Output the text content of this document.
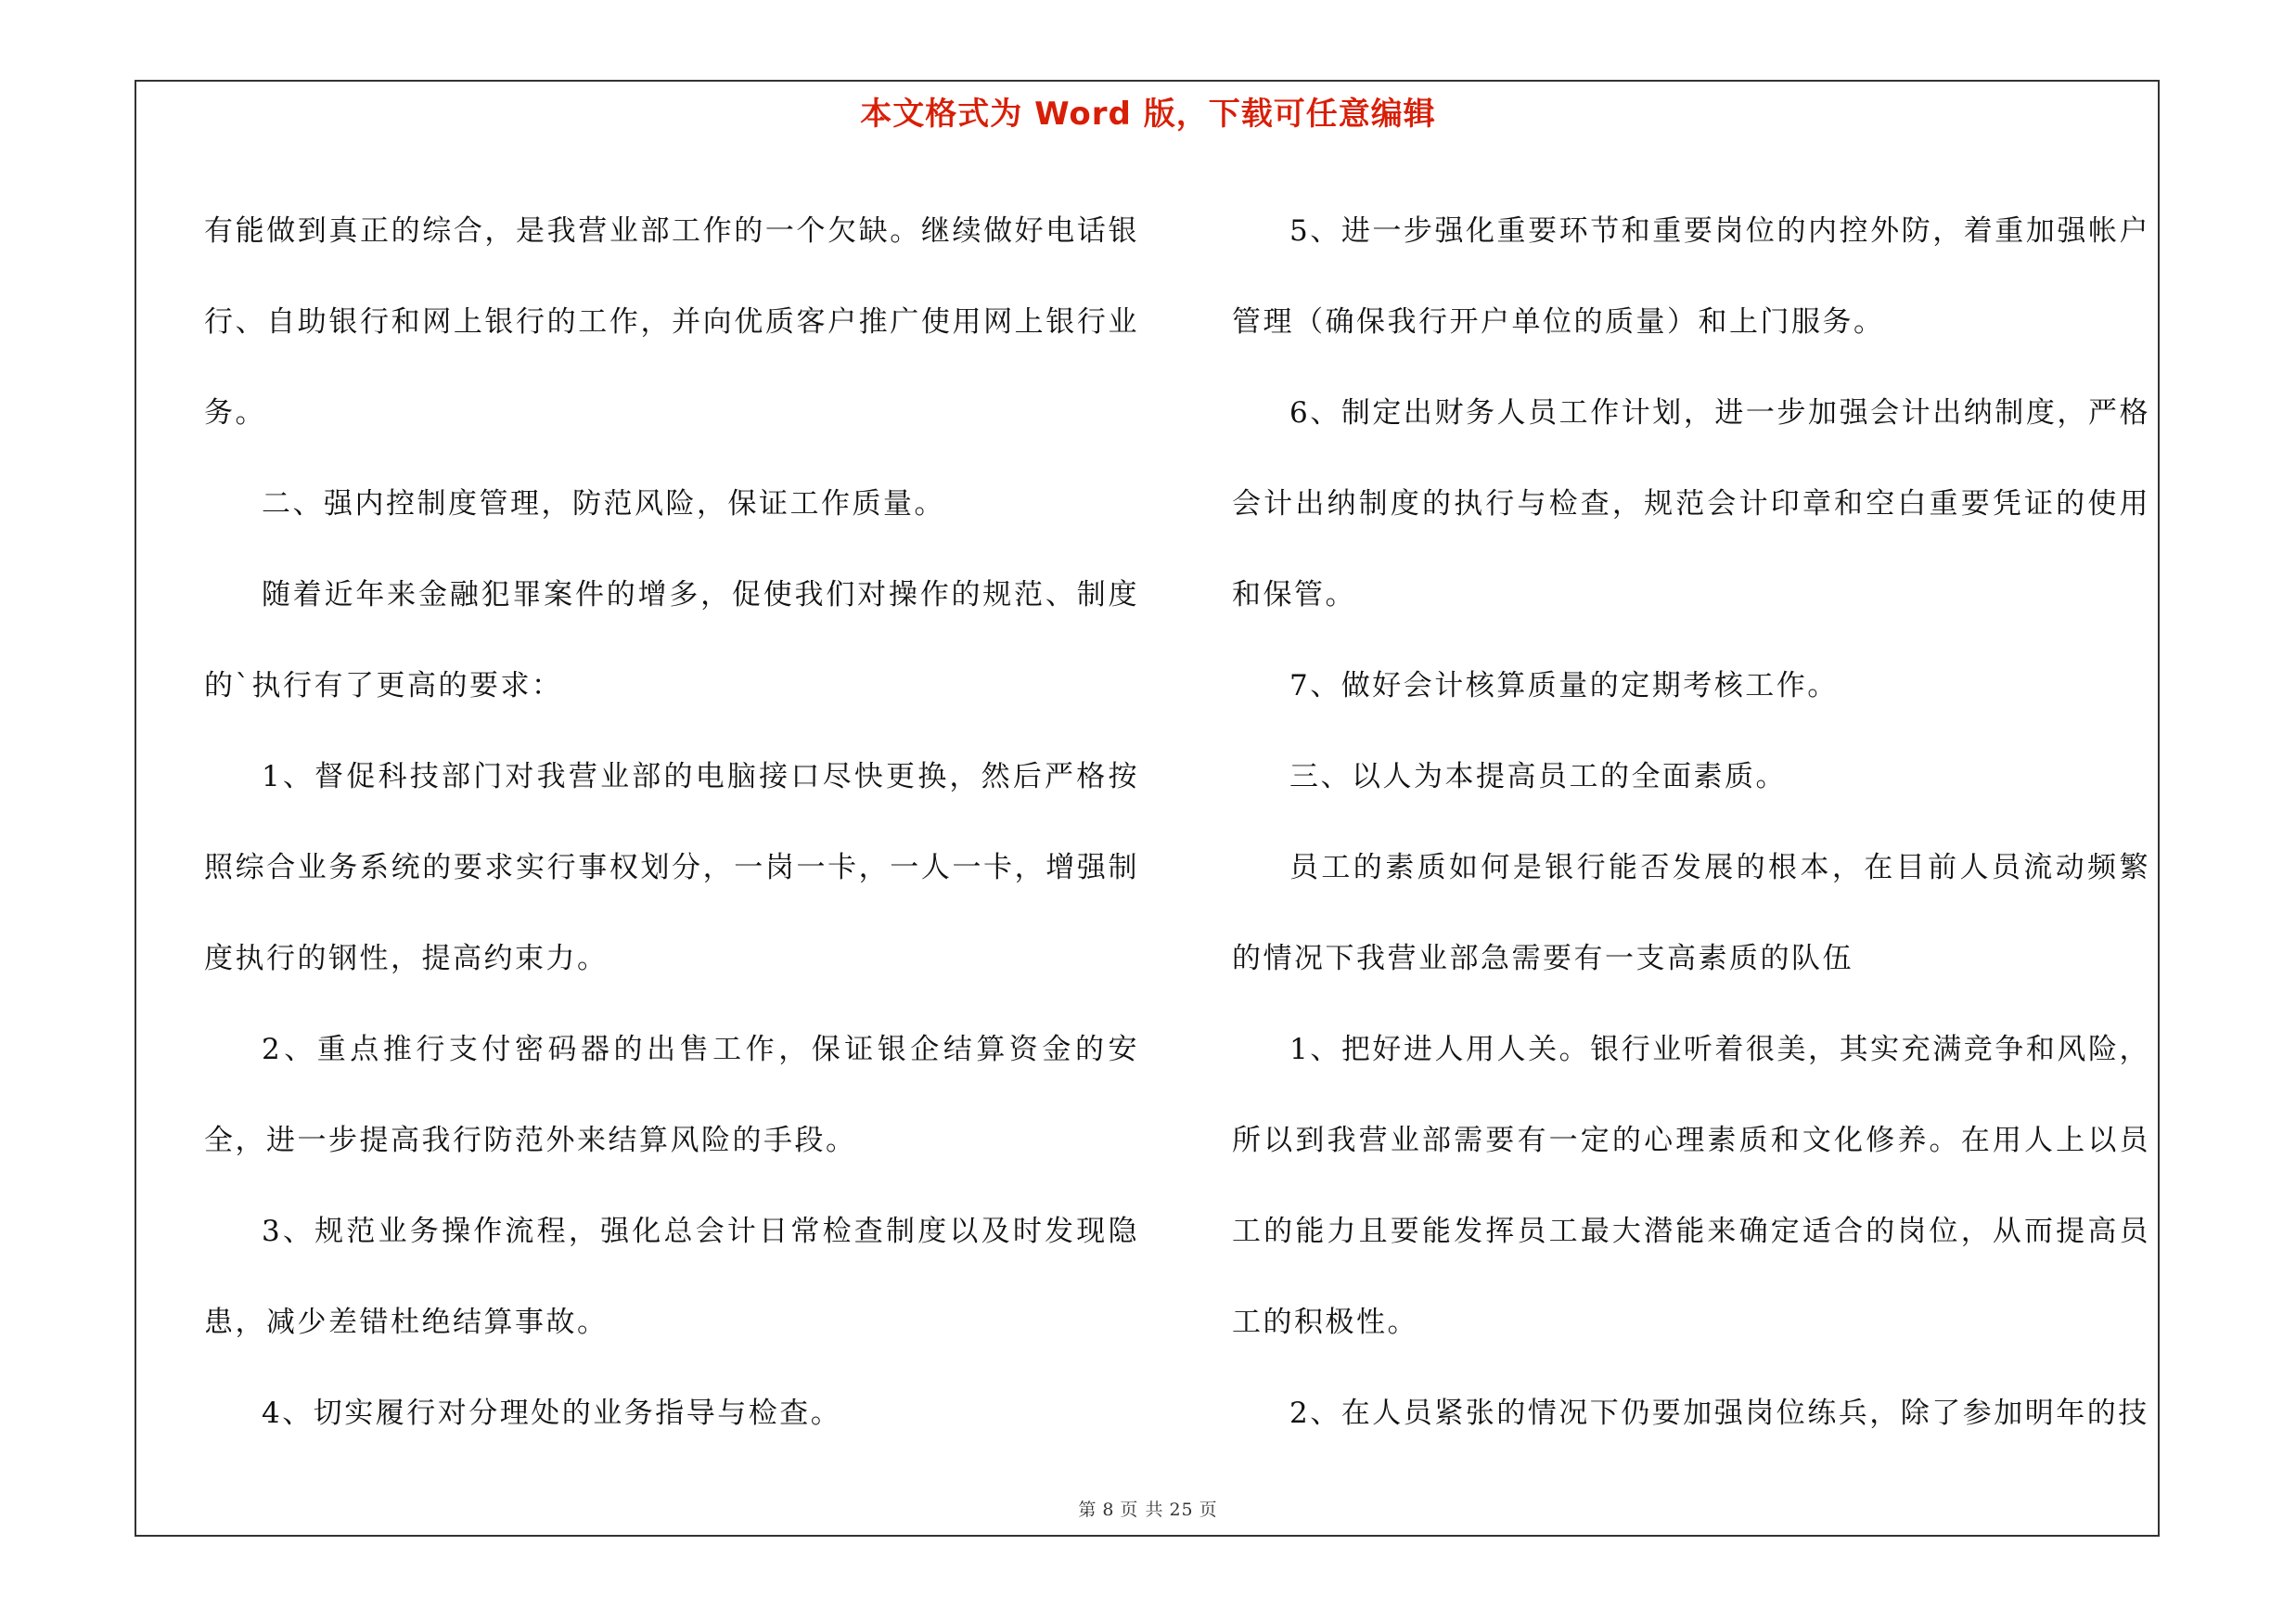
本文格式为 Word 版，下载可任意编辑

有能做到真正的综合，是我营业部工作的一个欠缺。继续做好电话银行、自助银行和网上银行的工作，并向优质客户推广使用网上银行业务。

二、强内控制度管理，防范风险，保证工作质量。

随着近年来金融犯罪案件的增多，促使我们对操作的规范、制度的`执行有了更高的要求：

1、督促科技部门对我营业部的电脑接口尽快更换，然后严格按照综合业务系统的要求实行事权划分，一岗一卡，一人一卡，增强制度执行的钢性，提高约束力。

2、重点推行支付密码器的出售工作，保证银企结算资金的安全，进一步提高我行防范外来结算风险的手段。

3、规范业务操作流程，强化总会计日常检查制度以及时发现隐患，减少差错杜绝结算事故。

4、切实履行对分理处的业务指导与检查。

5、进一步强化重要环节和重要岗位的内控外防，着重加强帐户管理（确保我行开户单位的质量）和上门服务。

6、制定出财务人员工作计划，进一步加强会计出纳制度，严格会计出纳制度的执行与检查，规范会计印章和空白重要凭证的使用和保管。

7、做好会计核算质量的定期考核工作。

三、以人为本提高员工的全面素质。

员工的素质如何是银行能否发展的根本，在目前人员流动频繁的情况下我营业部急需要有一支高素质的队伍

1、把好进人用人关。银行业听着很美，其实充满竞争和风险，所以到我营业部需要有一定的心理素质和文化修养。在用人上以员工的能力且要能发挥员工最大潜能来确定适合的岗位，从而提高员工的积极性。

2、在人员紧张的情况下仍要加强岗位练兵，除了参加明年的技

第 8 页 共 25 页
